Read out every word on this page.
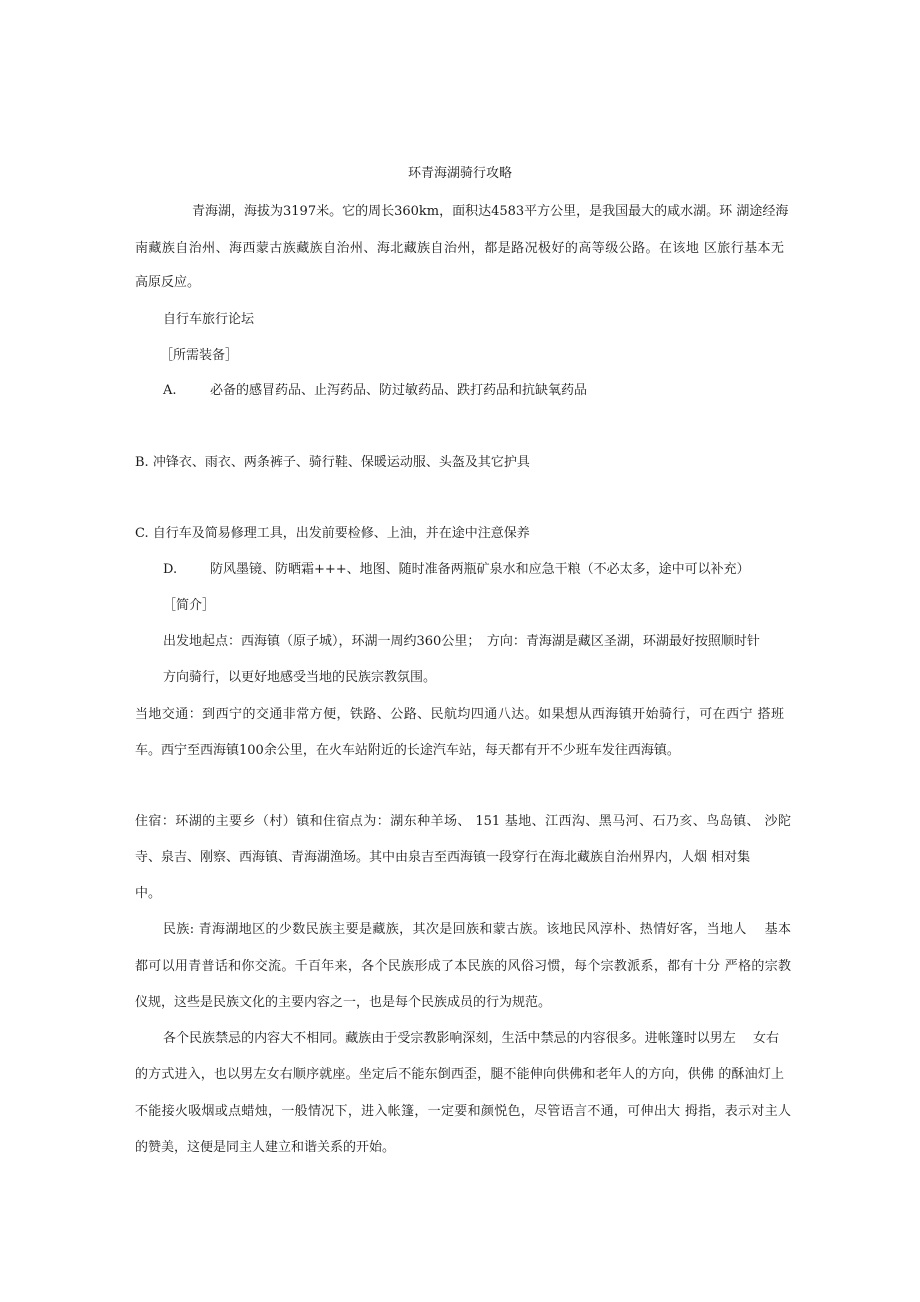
环青海湖骑行攻略
青海湖，海拔为3197米。它的周长360km，面积达4583平方公里，是我国最大的咸水湖。环 湖途经海
南藏族自治州、海西蒙古族藏族自治州、海北藏族自治州，都是路况极好的高等级公路。在该地 区旅行基本无
高原反应。
自行车旅行论坛
［所需装备］
A.	必备的感冒药品、止泻药品、防过敏药品、跌打药品和抗缺氧药品
B. 冲锋衣、雨衣、两条裤子、骑行鞋、保暖运动服、头盔及其它护具
C. 自行车及简易修理工具，出发前要检修、上油，并在途中注意保养
D.	防风墨镜、防晒霜+++、地图、随时准备两瓶矿泉水和应急干粮（不必太多，途中可以补充）
［简介］
出发地起点：西海镇（原子城），环湖一周约360公里；　方向：青海湖是藏区圣湖，环湖最好按照顺时针
方向骑行，以更好地感受当地的民族宗教氛围。
当地交通：到西宁的交通非常方便，铁路、公路、民航均四通八达。如果想从西海镇开始骑行，可在西宁 搭班
车。西宁至西海镇100余公里，在火车站附近的长途汽车站，每天都有开不少班车发往西海镇。
住宿：环湖的主要乡（村）镇和住宿点为：湖东种羊场、 151 基地、江西沟、黑马河、石乃亥、鸟岛镇、 沙陀
寺、泉吉、刚察、西海镇、青海湖渔场。其中由泉吉至西海镇一段穿行在海北藏族自治州界内，人烟 相对集
中。
民族: 青海湖地区的少数民族主要是藏族，其次是回族和蒙古族。该地民风淳朴、热情好客，当地人　 基本
都可以用青普话和你交流。千百年来，各个民族形成了本民族的风俗习惯，每个宗教派系，都有十分 严格的宗教
仪规，这些是民族文化的主要内容之一，也是每个民族成员的行为规范。
各个民族禁忌的内容大不相同。藏族由于受宗教影响深刻，生活中禁忌的内容很多。进帐篷时以男左　 女右
的方式进入，也以男左女右顺序就座。坐定后不能东倒西歪，腿不能伸向供佛和老年人的方向，供佛 的酥油灯上
不能接火吸烟或点蜡烛，一般情况下，进入帐篷，一定要和颜悦色，尽管语言不通，可伸出大 拇指，表示对主人
的赞美，这便是同主人建立和谐关系的开始。
